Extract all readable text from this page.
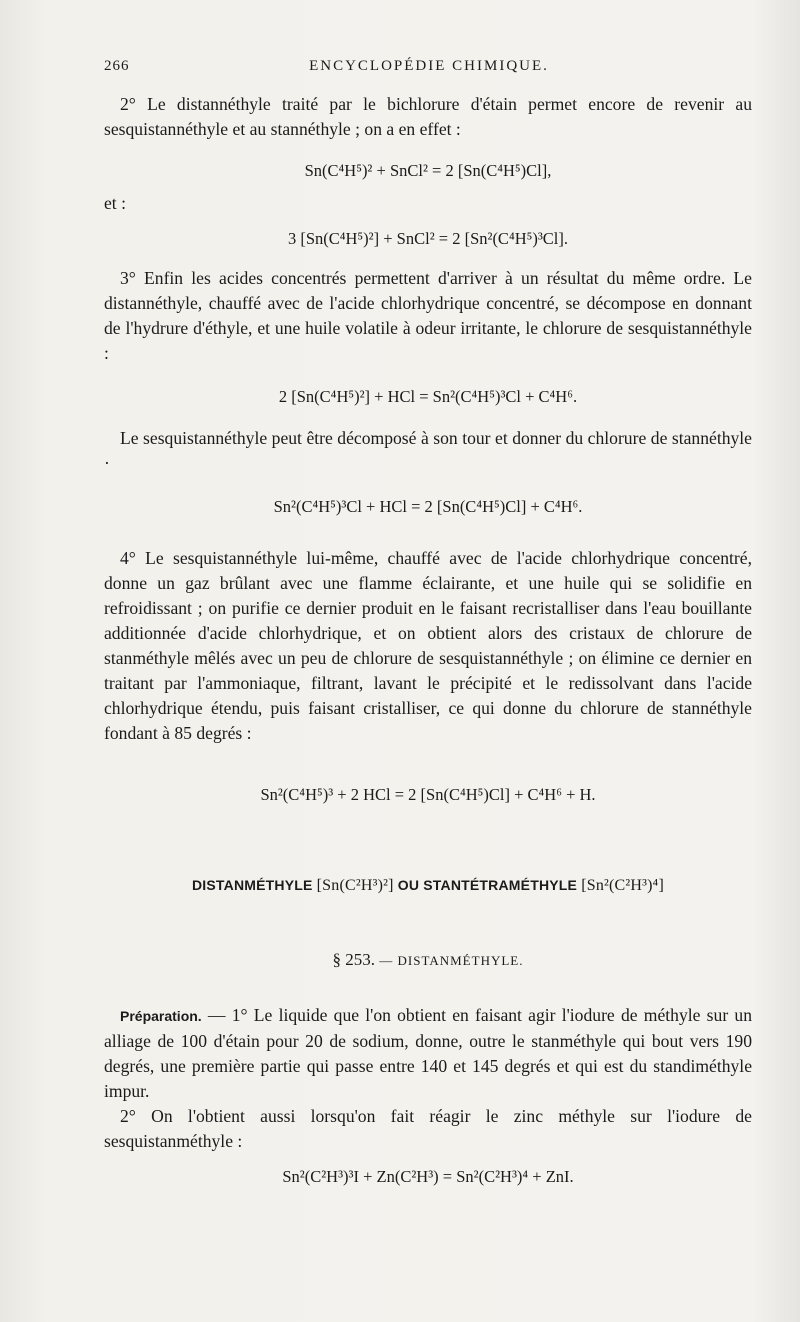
266	ENCYCLOPÉDIE CHIMIQUE.

2° Le distannéthyle traité par le bichlorure d'étain permet encore de revenir au sesquistannéthyle et au stannéthyle ; on a en effet :

Sn(C⁴H⁵)² + SnCl² = 2 [Sn(C⁴H⁵)Cl],
et :
3 [Sn(C⁴H⁵)²] + SnCl² = 2 [Sn²(C⁴H⁵)³Cl].

3° Enfin les acides concentrés permettent d'arriver à un résultat du même ordre. Le distannéthyle, chauffé avec de l'acide chlorhydrique concentré, se décompose en donnant de l'hydrure d'éthyle, et une huile volatile à odeur irritante, le chlorure de sesquistannéthyle :

2 [Sn(C⁴H⁵)²] + HCl = Sn²(C⁴H⁵)³Cl + C⁴H⁶.

Le sesquistannéthyle peut être décomposé à son tour et donner du chlorure de stannéthyle ·

Sn²(C⁴H⁵)³Cl + HCl = 2 [Sn(C⁴H⁵)Cl] + C⁴H⁶.

4° Le sesquistannéthyle lui-même, chauffé avec de l'acide chlorhydrique concentré, donne un gaz brûlant avec une flamme éclairante, et une huile qui se solidifie en refroidissant ; on purifie ce dernier produit en le faisant recristalliser dans l'eau bouillante additionnée d'acide chlorhydrique, et on obtient alors des cristaux de chlorure de stanméthyle mêlés avec un peu de chlorure de sesquistannéthyle ; on élimine ce dernier en traitant par l'ammoniaque, filtrant, lavant le précipité et le redissolvant dans l'acide chlorhydrique étendu, puis faisant cristalliser, ce qui donne du chlorure de stannéthyle fondant à 85 degrés :

Sn²(C⁴H⁵)³ + 2 HCl = 2 [Sn(C⁴H⁵)Cl] + C⁴H⁶ + H.
DISTANMÉTHYLE [Sn(C²H³)²] OU STANTÉTRAMÉTHYLE [Sn²(C²H³)⁴]
§ 253. — DISTANMÉTHYLE.

Préparation. — 1° Le liquide que l'on obtient en faisant agir l'iodure de méthyle sur un alliage de 100 d'étain pour 20 de sodium, donne, outre le stanméthyle qui bout vers 190 degrés, une première partie qui passe entre 140 et 145 degrés et qui est du standiméthyle impur.

2° On l'obtient aussi lorsqu'on fait réagir le zinc méthyle sur l'iodure de sesquistanméthyle :

Sn²(C²H³)³I + Zn(C²H³) = Sn²(C²H³)⁴ + ZnI.
